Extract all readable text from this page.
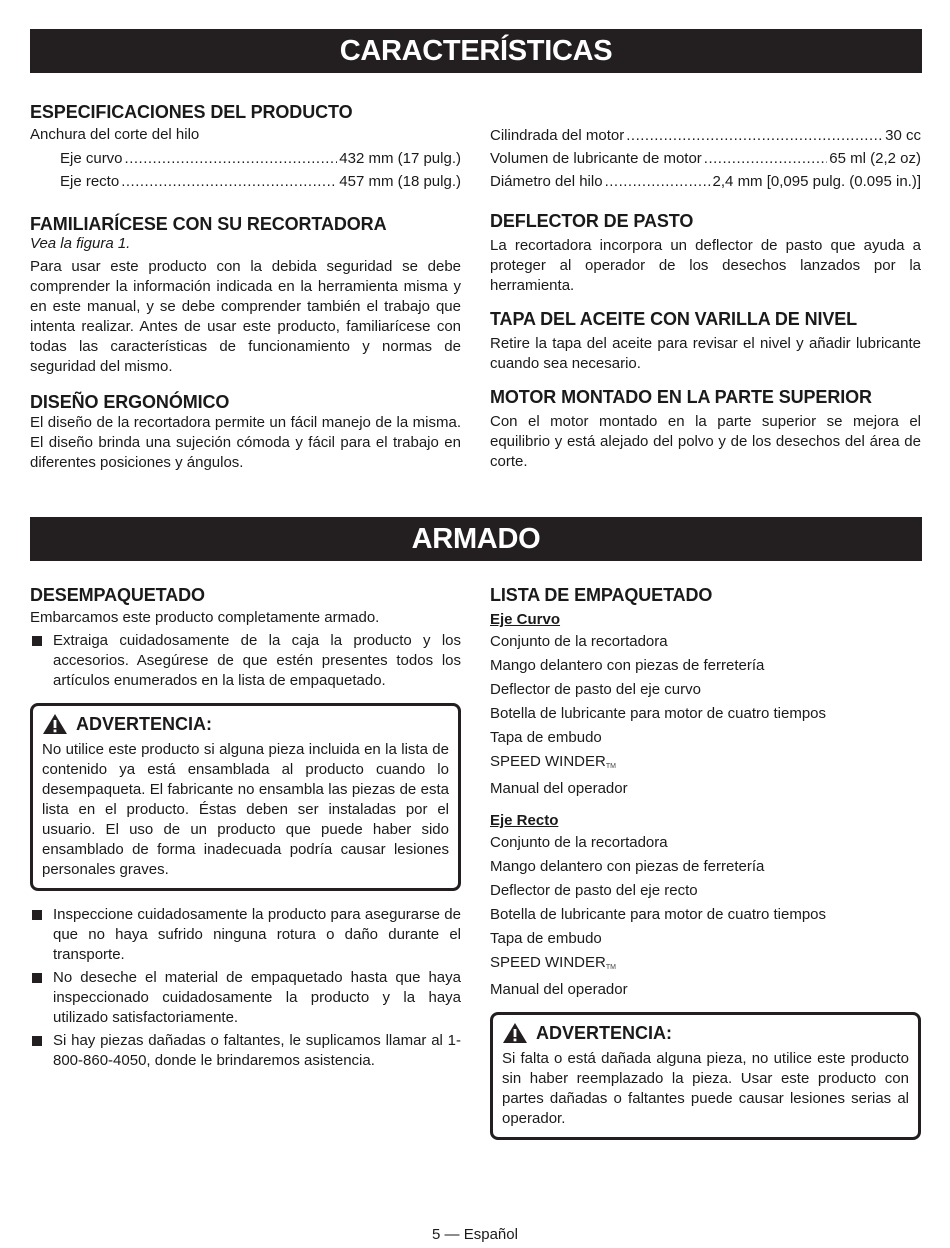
CARACTERÍSTICAS
ESPECIFICACIONES DEL PRODUCTO
Anchura del corte del hilo
Eje curvo .....	432 mm (17 pulg.)
Eje recto .....	457 mm (18 pulg.)
FAMILIARÍCESE CON SU RECORTADORA
Vea la figura 1.

Para usar este producto con la debida seguridad se debe comprender la información indicada en la herramienta misma y en este manual, y se debe comprender también el trabajo que intenta realizar. Antes de usar este producto, familiarícese con todas las características de funcionamiento y normas de seguridad del mismo.

DISEÑO ERGONÓMICO

El diseño de la recortadora permite un fácil manejo de la misma. El diseño brinda una sujeción cómoda y fácil para el trabajo en diferentes posiciones y ángulos.

Cilindrada del motor .....	30 cc
Volumen de lubricante de motor .....	65 ml (2,2 oz)
Diámetro del hilo .....	2,4 mm [0,095 pulg. (0.095 in.)]
DEFLECTOR DE PASTO

La recortadora incorpora un deflector de pasto que ayuda a proteger al operador de los desechos lanzados por la herramienta.

TAPA DEL ACEITE CON VARILLA DE NIVEL

Retire la tapa del aceite para revisar el nivel y añadir lubricante cuando sea necesario.

MOTOR MONTADO EN LA PARTE SUPERIOR

Con el motor montado en la parte superior se mejora el equilibrio y está alejado del polvo y de los desechos del área de corte.

ARMADO
DESEMPAQUETADO

Embarcamos este producto completamente armado.

Extraiga cuidadosamente de la caja la producto y los accesorios. Asegúrese de que estén presentes todos los artículos enumerados en la lista de empaquetado.
ADVERTENCIA:

No utilice este producto si alguna pieza incluida en la lista de contenido ya está ensamblada al producto cuando lo desempaqueta. El fabricante no ensambla las piezas de esta lista en el producto. Éstas deben ser instaladas por el usuario. El uso de un producto que puede haber sido ensamblado de forma inadecuada podría causar lesiones personales graves.

Inspeccione cuidadosamente la producto para asegurarse de que no haya sufrido ninguna rotura o daño durante el transporte.
No deseche el material de empaquetado hasta que haya inspeccionado cuidadosamente la producto y la haya utilizado satisfactoriamente.
Si hay piezas dañadas o faltantes, le suplicamos llamar al 1-800-860-4050, donde le brindaremos asistencia.
LISTA DE EMPAQUETADO
Eje Curvo
Conjunto de la recortadora
Mango delantero con piezas de ferretería
Deflector de pasto del eje curvo
Botella de lubricante para motor de cuatro tiempos
Tapa de embudo
SPEED WINDERTM
Manual del operador
Eje Recto
Conjunto de la recortadora
Mango delantero con piezas de ferretería
Deflector de pasto del eje recto
Botella de lubricante para motor de cuatro tiempos
Tapa de embudo
SPEED WINDERTM
Manual del operador
ADVERTENCIA:

Si falta o está dañada alguna pieza, no utilice este producto sin haber reemplazado la pieza. Usar este producto con partes dañadas o faltantes puede causar lesiones serias al operador.

5 — Español
